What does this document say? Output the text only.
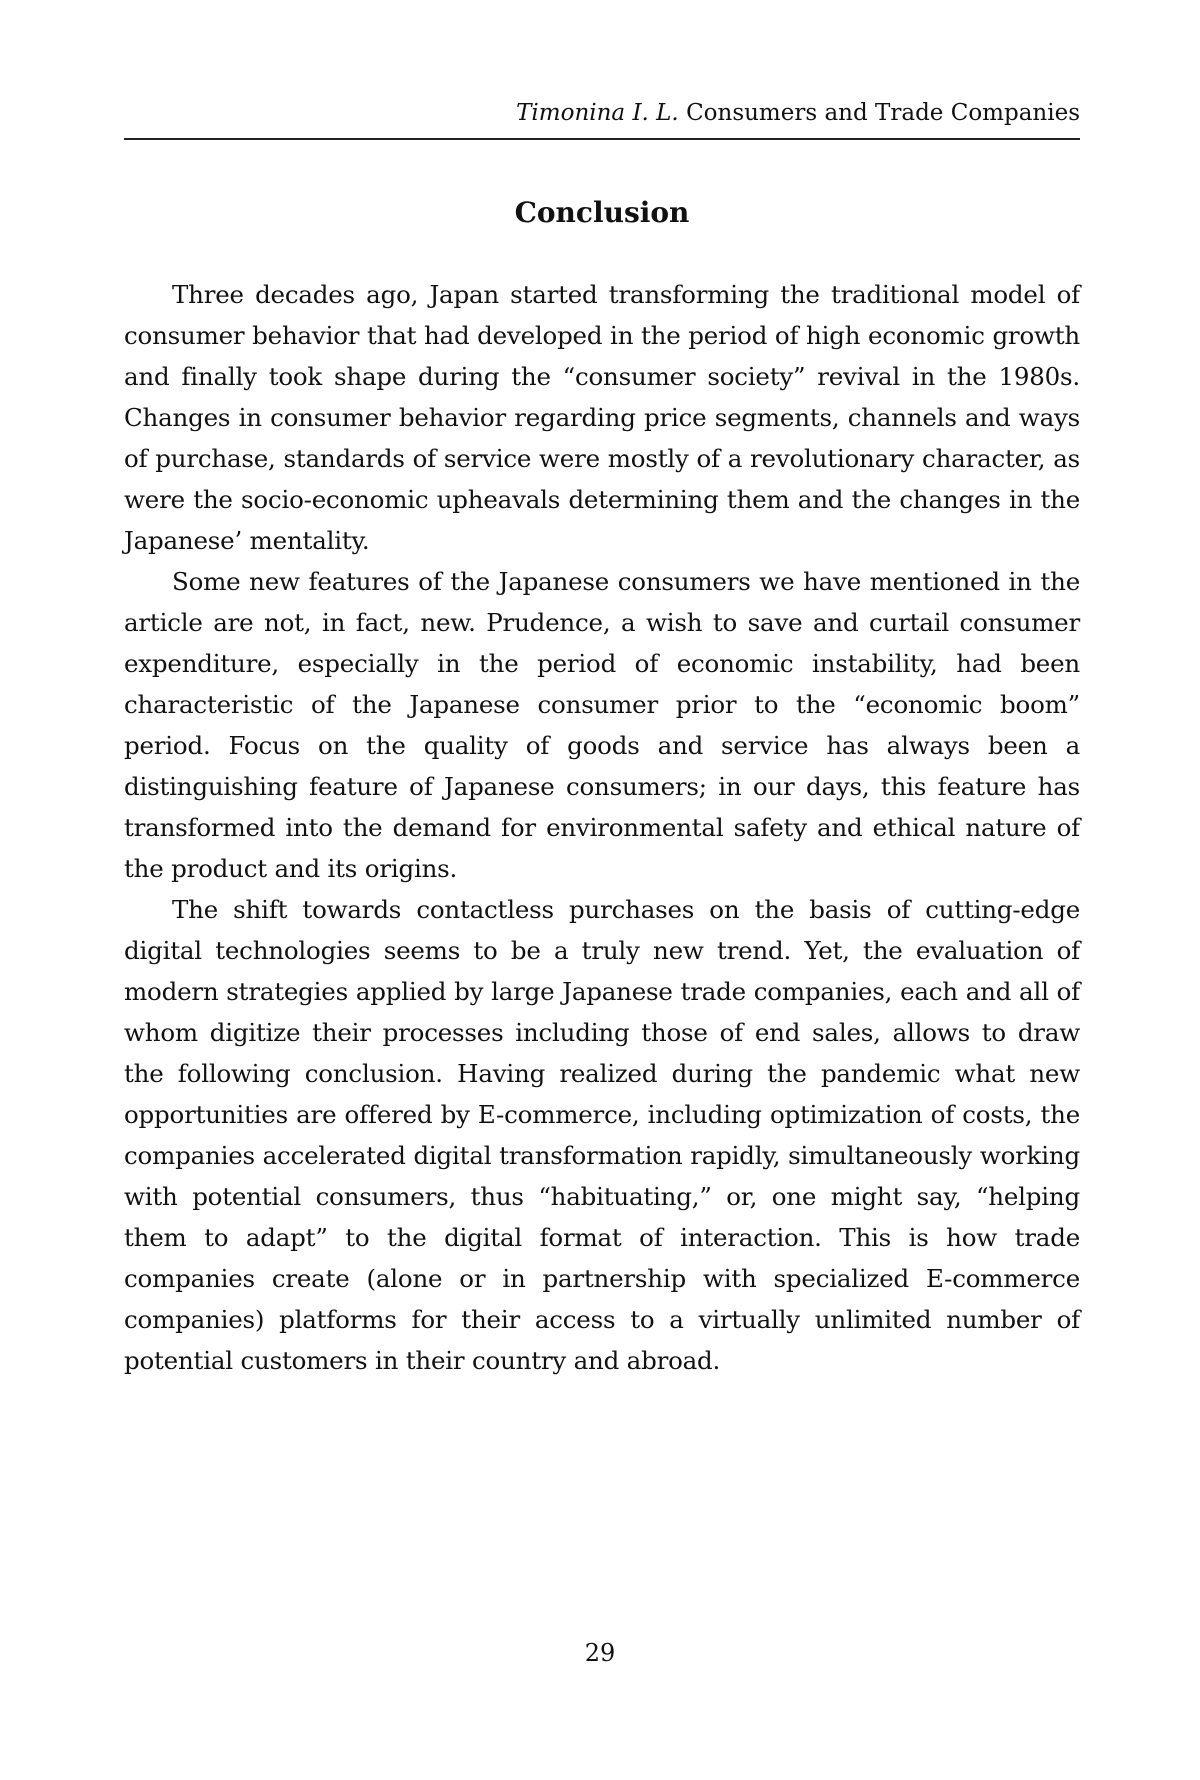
Timonina I. L. Consumers and Trade Companies
Conclusion

Three decades ago, Japan started transforming the traditional model of consumer behavior that had developed in the period of high economic growth and finally took shape during the “consumer society” revival in the 1980s. Changes in consumer behavior regarding price segments, channels and ways of purchase, standards of service were mostly of a revolutionary character, as were the socio-economic upheavals determining them and the changes in the Japanese’ mentality.

Some new features of the Japanese consumers we have mentioned in the article are not, in fact, new. Prudence, a wish to save and curtail consumer expenditure, especially in the period of economic instability, had been characteristic of the Japanese consumer prior to the “economic boom” period. Focus on the quality of goods and service has always been a distinguishing feature of Japanese consumers; in our days, this feature has transformed into the demand for environmental safety and ethical nature of the product and its origins.

The shift towards contactless purchases on the basis of cutting-edge digital technologies seems to be a truly new trend. Yet, the evaluation of modern strategies applied by large Japanese trade companies, each and all of whom digitize their processes including those of end sales, allows to draw the following conclusion. Having realized during the pandemic what new opportunities are offered by E-commerce, including optimization of costs, the companies accelerated digital transformation rapidly, simultaneously working with potential consumers, thus “habituating,” or, one might say, “helping them to adapt” to the digital format of interaction. This is how trade companies create (alone or in partnership with specialized E-commerce companies) platforms for their access to a virtually unlimited number of potential customers in their country and abroad.

29
